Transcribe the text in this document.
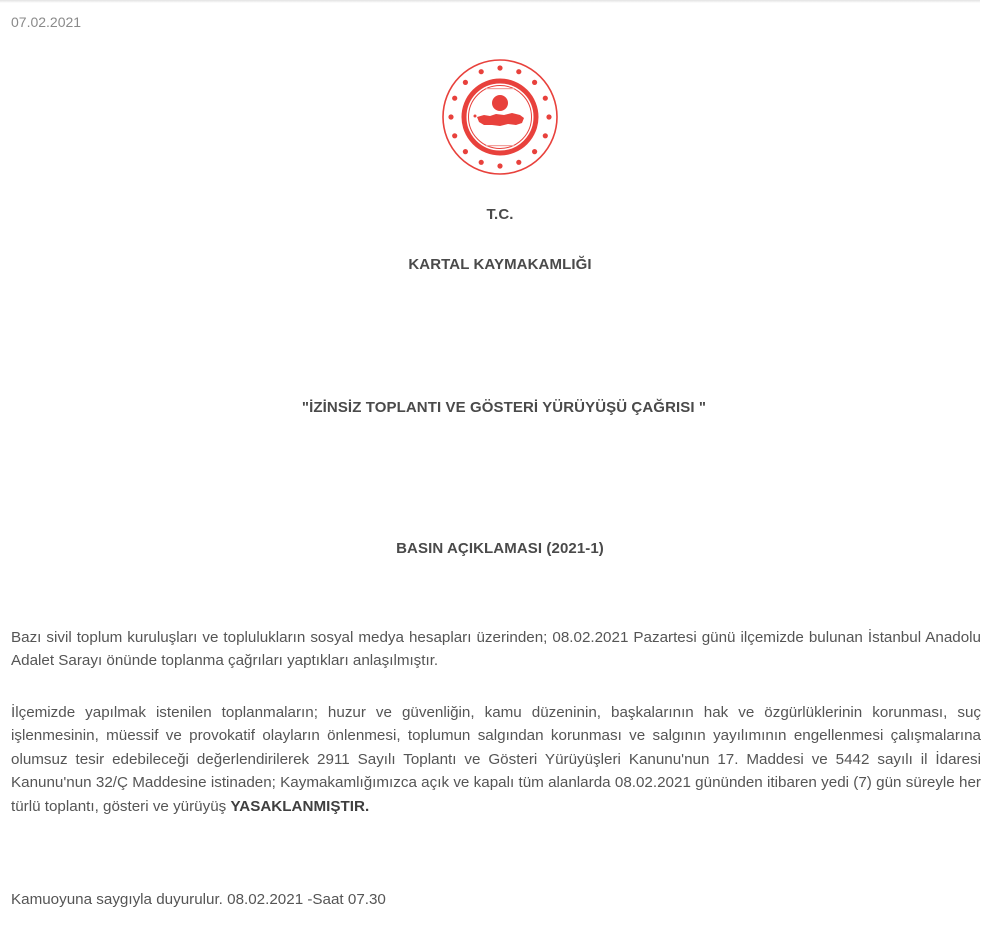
07.02.2021
T.C.
KARTAL KAYMAKAMLIĞI
"İZİNSİZ TOPLANTI VE GÖSTERİ YÜRÜYÜŞÜ ÇAĞRISI "
BASIN AÇIKLAMASI (2021-1)
Bazı sivil toplum kuruluşları ve toplulukların sosyal medya hesapları üzerinden; 08.02.2021 Pazartesi günü ilçemizde bulunan İstanbul Anadolu Adalet Sarayı önünde toplanma çağrıları yaptıkları anlaşılmıştır.
İlçemizde yapılmak istenilen toplanmaların; huzur ve güvenliğin, kamu düzeninin, başkalarının hak ve özgürlüklerinin korunması, suç işlenmesinin, müessif ve provokatif olayların önlenmesi, toplumun salgından korunması ve salgının yayılımının engellenmesi çalışmalarına olumsuz tesir edebileceği değerlendirilerek 2911 Sayılı Toplantı ve Gösteri Yürüyüşleri Kanunu'nun 17. Maddesi ve 5442 sayılı il İdaresi Kanunu'nun 32/Ç Maddesine istinaden; Kaymakamlığımızca açık ve kapalı tüm alanlarda 08.02.2021 gününden itibaren yedi (7) gün süreyle her türlü toplantı, gösteri ve yürüyüş YASAKLANMIŞTIR.
Kamuoyuna saygıyla duyurulur. 08.02.2021 -Saat 07.30
